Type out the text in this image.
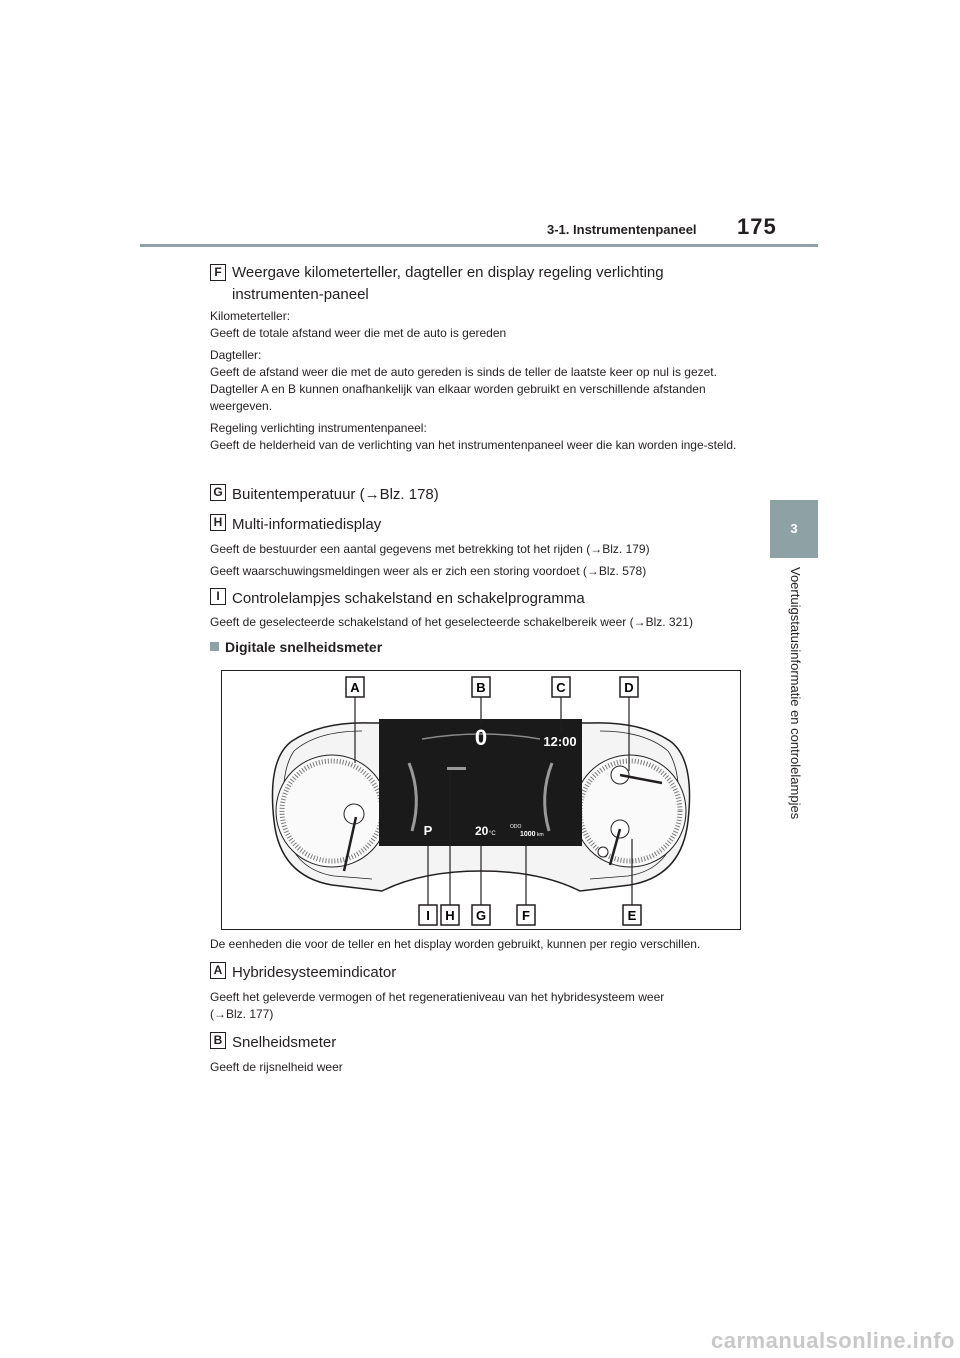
3-1. Instrumentenpaneel 175
3
Voertuigstatusinformatie en controlelampjes
F Weergave kilometerteller, dagteller en display regeling verlichting instrumenten-paneel
Kilometerteller:
Geeft de totale afstand weer die met de auto is gereden
Dagteller:
Geeft de afstand weer die met de auto gereden is sinds de teller de laatste keer op nul is gezet. Dagteller A en B kunnen onafhankelijk van elkaar worden gebruikt en verschillende afstanden weergeven.
Regeling verlichting instrumentenpaneel:
Geeft de helderheid van de verlichting van het instrumentenpaneel weer die kan worden inge-steld.
G Buitentemperatuur (→Blz. 178)
H Multi-informatiedisplay
Geeft de bestuurder een aantal gegevens met betrekking tot het rijden (→Blz. 179)
Geeft waarschuwingsmeldingen weer als er zich een storing voordoet (→Blz. 578)
I Controlelampjes schakelstand en schakelprogramma
Geeft de geselecteerde schakelstand of het geselecteerde schakelbereik weer (→Blz. 321)
Digitale snelheidsmeter
0	12:00
P	20 °C
ODO
1000 km
A	B	C	D
I H G	F	E
De eenheden die voor de teller en het display worden gebruikt, kunnen per regio verschillen.
A Hybridesysteemindicator
Geeft het geleverde vermogen of het regeneratieniveau van het hybridesysteem weer
(→Blz. 177)
B Snelheidsmeter
Geeft de rijsnelheid weer
carmanualsonline.info
